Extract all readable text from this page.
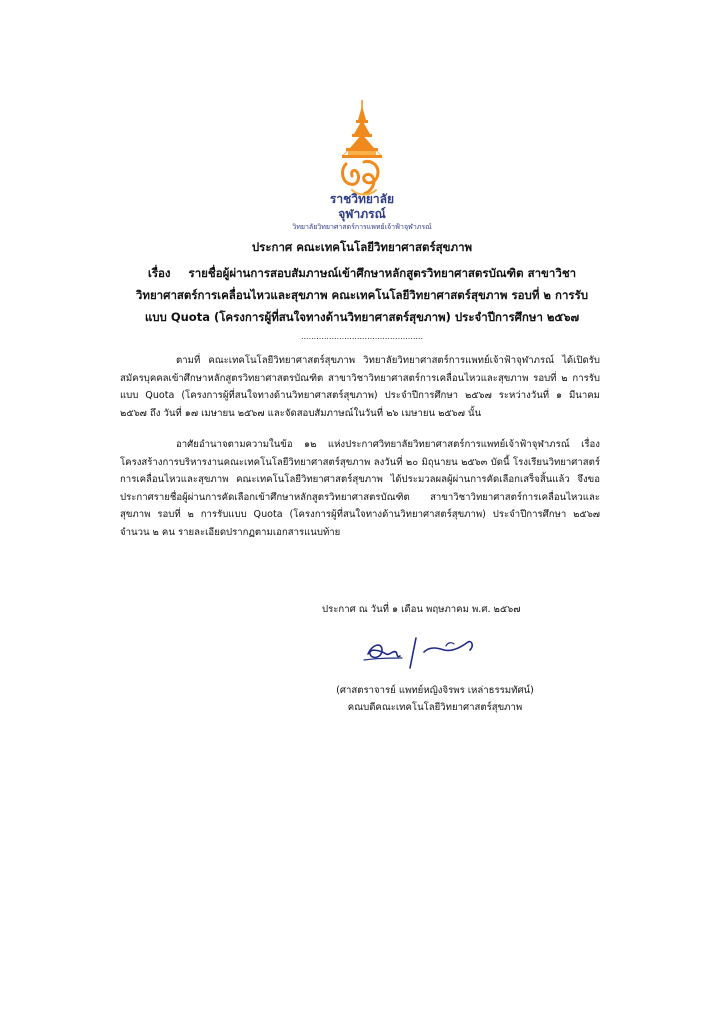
ราชวิทยาลัย
จุฬาภรณ์
วิทยาลัยวิทยาศาสตร์การแพทย์เจ้าฟ้าจุฬาภรณ์
ประกาศ คณะเทคโนโลยีวิทยาศาสตร์สุขภาพ
เรื่อง รายชื่อผู้ผ่านการสอบสัมภาษณ์เข้าศึกษาหลักสูตรวิทยาศาสตรบัณฑิต สาขาวิชา
วิทยาศาสตร์การเคลื่อนไหวและสุขภาพ คณะเทคโนโลยีวิทยาศาสตร์สุขภาพ รอบที่ ๒ การรับ
แบบ Quota (โครงการผู้ที่สนใจทางด้านวิทยาศาสตร์สุขภาพ) ประจำปีการศึกษา ๒๕๖๗
................................................
ตามที่ คณะเทคโนโลยีวิทยาศาสตร์สุขภาพ วิทยาลัยวิทยาศาสตร์การแพทย์เจ้าฟ้าจุฬาภรณ์ ได้เปิดรับสมัครบุคคลเข้าศึกษาหลักสูตรวิทยาศาสตรบัณฑิต สาขาวิชาวิทยาศาสตร์การเคลื่อนไหวและสุขภาพ รอบที่ ๒ การรับแบบ Quota (โครงการผู้ที่สนใจทางด้านวิทยาศาสตร์สุขภาพ) ประจำปีการศึกษา ๒๕๖๗ ระหว่างวันที่ ๑ มีนาคม ๒๕๖๗ ถึง วันที่ ๑๗ เมษายน ๒๕๖๗ และจัดสอบสัมภาษณ์ในวันที่ ๒๖ เมษายน ๒๕๖๗ นั้น
อาศัยอำนาจตามความในข้อ ๑๒ แห่งประกาศวิทยาลัยวิทยาศาสตร์การแพทย์เจ้าฟ้าจุฬาภรณ์ เรื่อง โครงสร้างการบริหารงานคณะเทคโนโลยีวิทยาศาสตร์สุขภาพ ลงวันที่ ๒๐ มิถุนายน ๒๕๖๓ บัดนี้ โรงเรียนวิทยาศาสตร์การเคลื่อนไหวและสุขภาพ คณะเทคโนโลยีวิทยาศาสตร์สุขภาพ ได้ประมวลผลผู้ผ่านการคัดเลือกเสร็จสิ้นแล้ว จึงขอประกาศรายชื่อผู้ผ่านการคัดเลือกเข้าศึกษาหลักสูตรวิทยาศาสตรบัณฑิต สาขาวิชาวิทยาศาสตร์การเคลื่อนไหวและสุขภาพ รอบที่ ๒ การรับแบบ Quota (โครงการผู้ที่สนใจทางด้านวิทยาศาสตร์สุขภาพ) ประจำปีการศึกษา ๒๕๖๗ จำนวน ๒ คน รายละเอียดปรากฏตามเอกสารแนบท้าย
ประกาศ ณ วันที่ ๑ เดือน พฤษภาคม พ.ศ. ๒๕๖๗
(ศาสตราจารย์ แพทย์หญิงจิรพร เหล่าธรรมทัศน์)
คณบดีคณะเทคโนโลยีวิทยาศาสตร์สุขภาพ
